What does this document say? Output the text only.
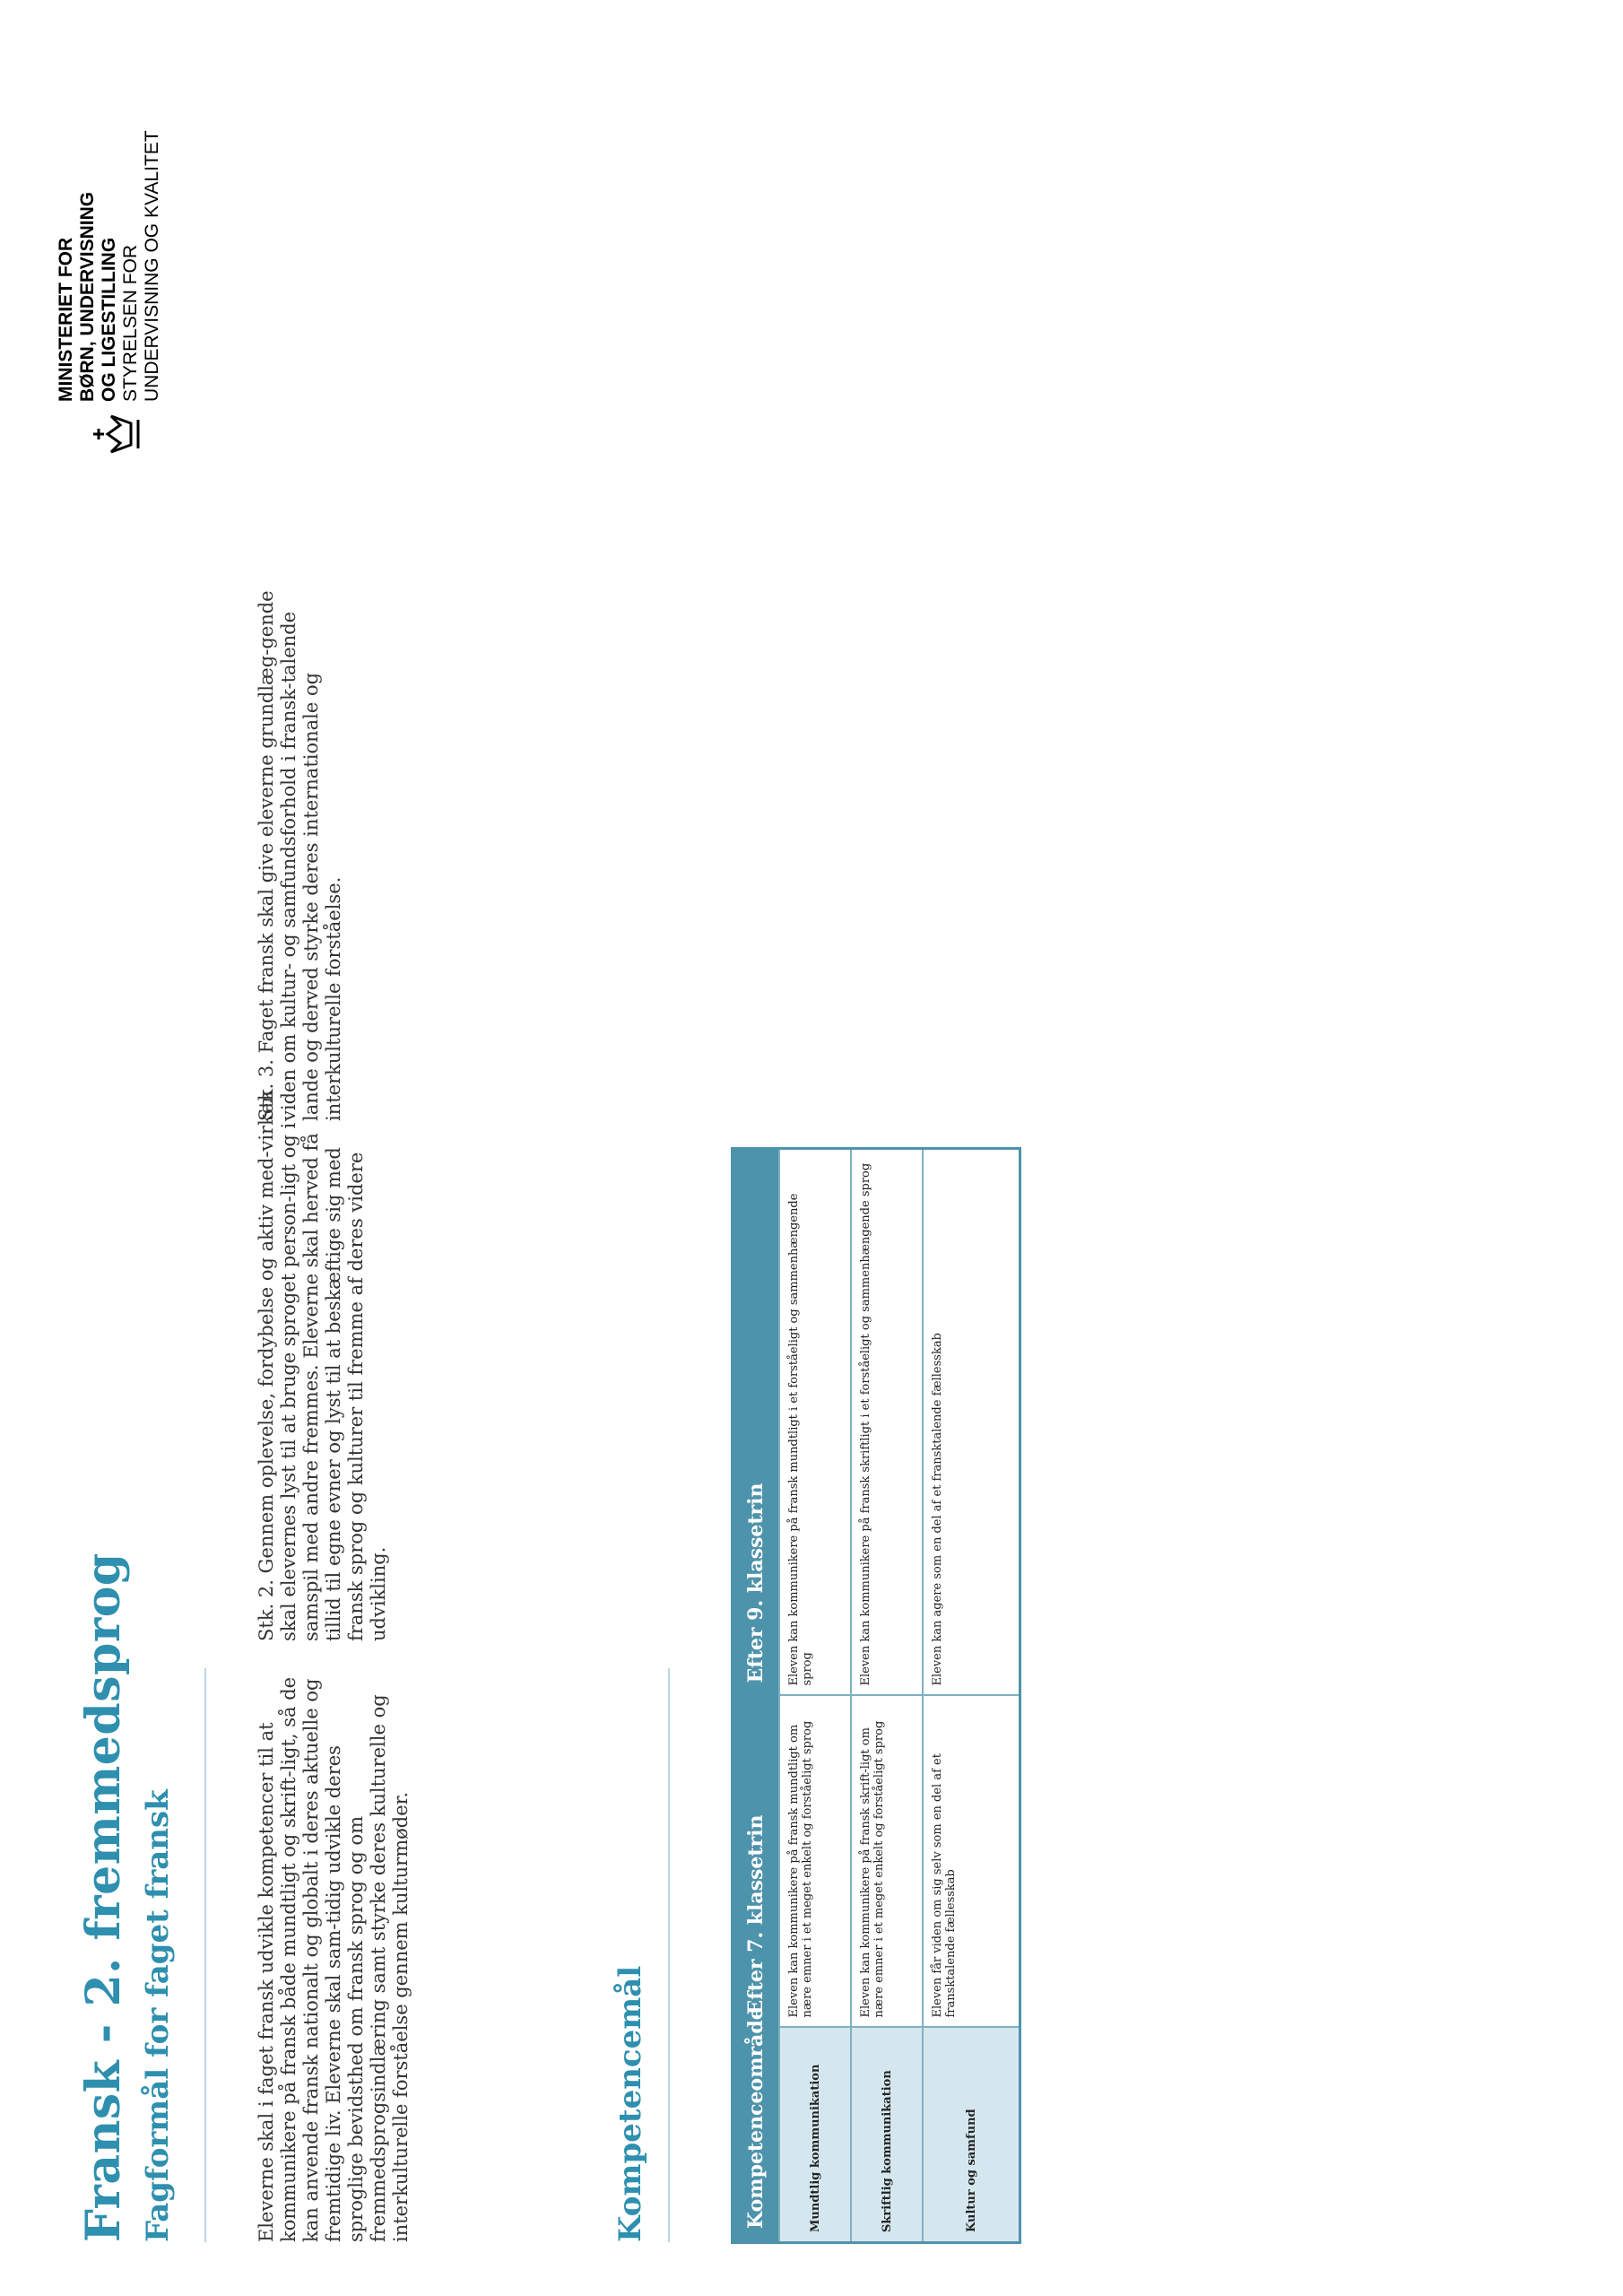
Fransk - 2. fremmedsprog Fagformål for faget fransk	Eleverne skal i faget fransk udvikle kompetencer til at kommunikere på fransk både mundtligt og skrift-ligt, så de kan anvende fransk nationalt og globalt i deres aktuelle og fremtidige liv. Eleverne skal sam-tidig udvikle deres sproglige bevidsthed om fransk sprog og om fremmedsprogsindlæring samt styrke deres kulturelle og interkulturelle forståelse gennem kulturmøder.

Stk. 2. Gennem oplevelse, fordybelse og aktiv med-virken skal elevernes lyst til at bruge sproget person-ligt og i samspil med andre fremmes. Eleverne skal herved få tillid til egne evner og lyst til at beskæftige sig med fransk sprog og kulturer til fremme af deres videre udvikling.

Stk. 3. Faget fransk skal give eleverne grundlæg-gende viden om kultur- og samfundsforhold i fransk-talende lande og derved styrke deres internationale og interkulturelle forståelse.

Kompetencemål	Kompetenceområde	Efter 7. klassetrin	Efter 9. klassetrin
Mundtlig kommunikation	Eleven kan kommunikere på fransk mundtligt om nære emner i et meget enkelt og forståeligt sprog	Eleven kan kommunikere på fransk mundtligt i et forståeligt og sammenhængende sprog
Skriftlig kommunikation	Eleven kan kommunikere på fransk skrift-ligt om nære emner i et meget enkelt og forståeligt sprog	Eleven kan kommunikere på fransk skriftligt i et forståeligt og sammenhængende sprog
Kultur og samfund	Eleven får viden om sig selv som en del af et fransktalende fællesskab	Eleven kan agere som en del af et fransktalende fællesskab
MINISTERIET FOR BØRN, UNDERVISNING OG LIGESTILLING STYRELSEN FOR UNDERVISNING OG KVALITET
